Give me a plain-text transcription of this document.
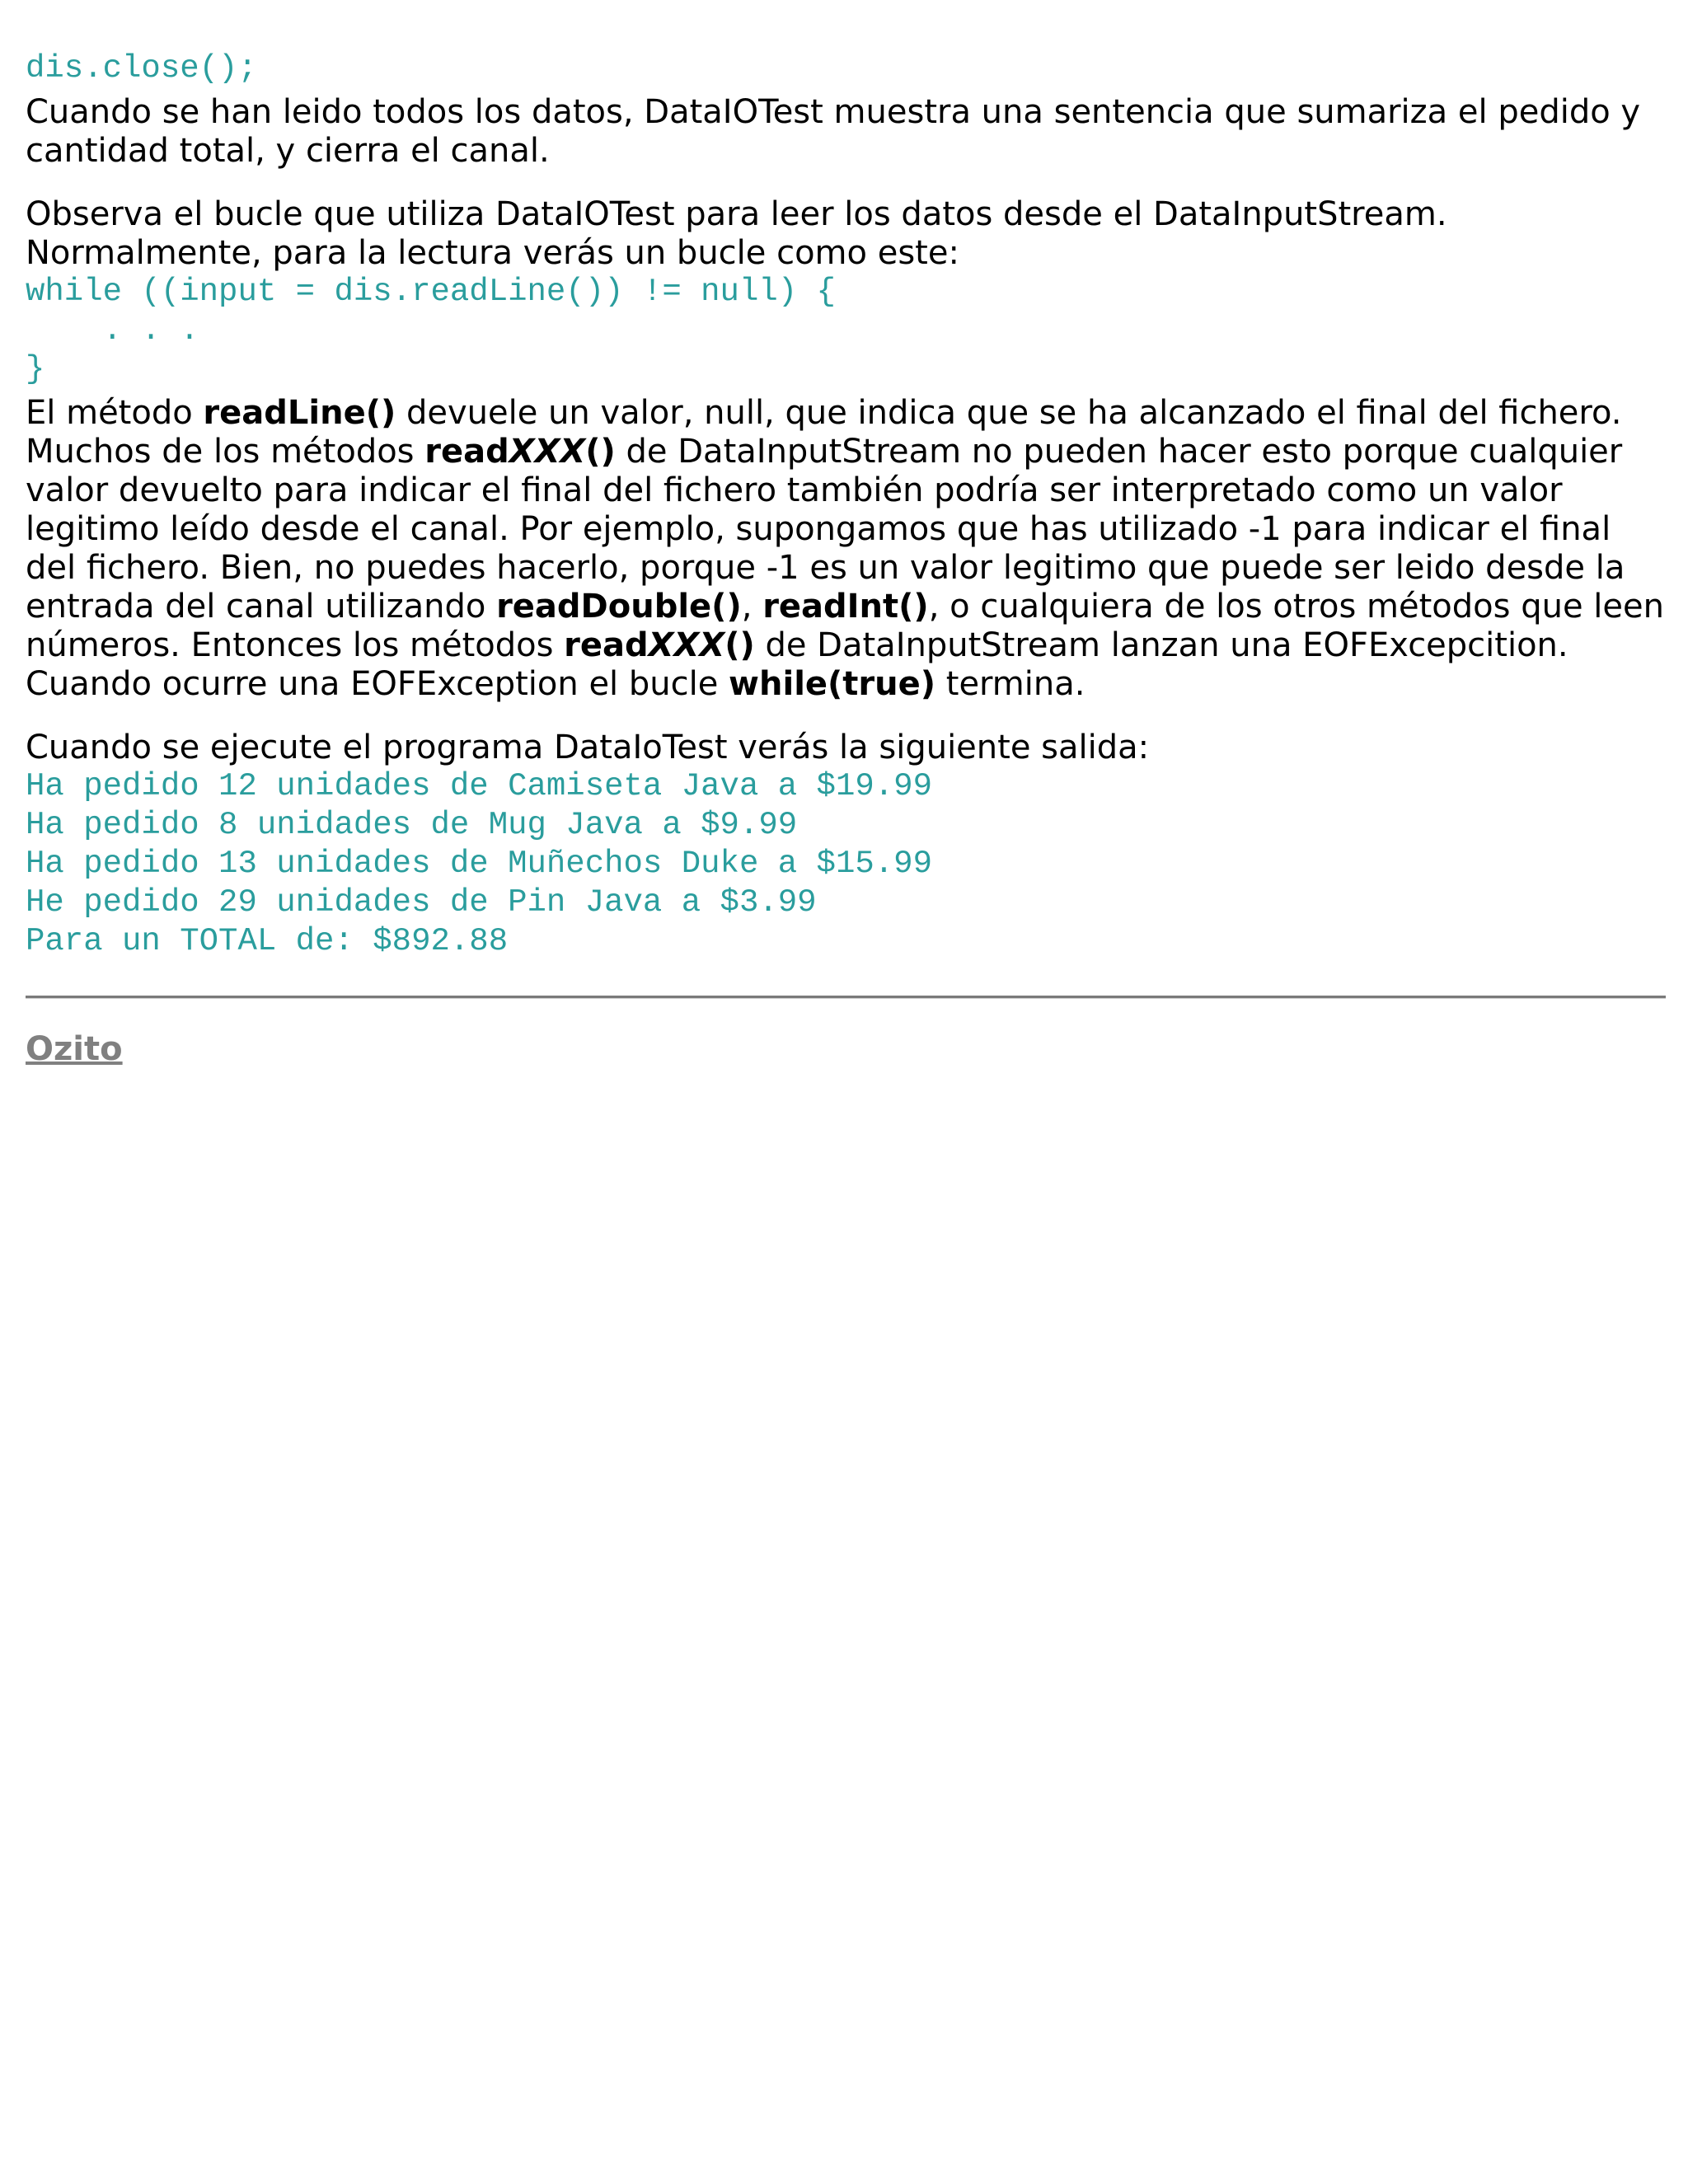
dis.close();

Cuando se han leido todos los datos, DataIOTest muestra una sentencia que sumariza el pedido y cantidad total, y cierra el canal.

Observa el bucle que utiliza DataIOTest para leer los datos desde el DataInputStream. Normalmente, para la lectura verás un bucle como este:

while ((input = dis.readLine()) != null) {
. . .
}

El método readLine() devuele un valor, null, que indica que se ha alcanzado el final del fichero. Muchos de los métodos readXXX() de DataInputStream no pueden hacer esto porque cualquier valor devuelto para indicar el final del fichero también podría ser interpretado como un valor legitimo leído desde el canal. Por ejemplo, supongamos que has utilizado -1 para indicar el final del fichero. Bien, no puedes hacerlo, porque -1 es un valor legitimo que puede ser leido desde la entrada del canal utilizando readDouble(), readInt(), o cualquiera de los otros métodos que leen números. Entonces los métodos readXXX() de DataInputStream lanzan una EOFExcepcition. Cuando ocurre una EOFException el bucle while(true) termina.

Cuando se ejecute el programa DataIoTest verás la siguiente salida:

Ha pedido 12 unidades de Camiseta Java a $19.99
Ha pedido 8 unidades de Mug Java a $9.99
Ha pedido 13 unidades de Muñechos Duke a $15.99
He pedido 29 unidades de Pin Java a $3.99
Para un TOTAL de: $892.88
Ozito
